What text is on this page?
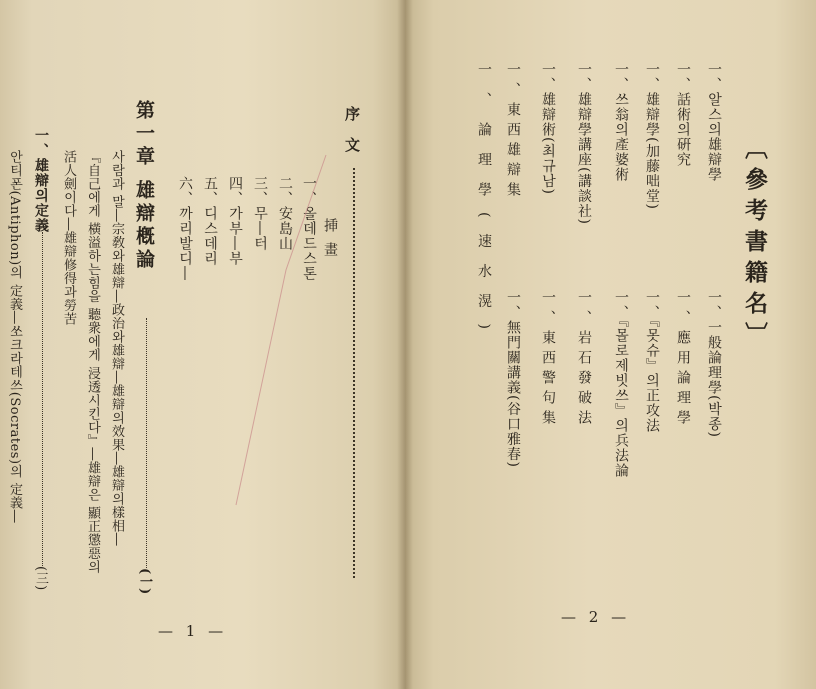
序文
挿畫
一、올데드스톤
二、安島山
三、무―터
四、가부―부
五、디스데리
六、까리발디―
第一章 雄辯槪論
(一)
사람과 말―宗敎와雄辯―政治와雄辯―雄辯의效果―雄辯의樣相―
『自己에게 橫溢하는힘을 聽衆에게 浸透시킨다』―雄辯은 顯正懲惡의
活人劍이다―雄辯修得과勞苦
一、雄辯의定義
(三)
안티폰(Antiphon)의 定義―쏘크라테쓰(Socrates)의 定義―
— 1 —
〔參考書籍名〕
一、알스의雄辯學
一、話術의硏究
一、雄辯學(加藤咄堂)
一、쓰翁의產婆術
一、雄辯學講座(講談社)
一、雄辯術(최규남)
一、東西雄辯集
一、論理學(速水滉)
一、一般論理學(박종)
一、應用論理學
一、『못슈』의正攻法
一、『몰로제빗쓰』의兵法論
一、岩石發破法
一、東西警句集
一、無門關講義(谷口雅春)
— 2 —
